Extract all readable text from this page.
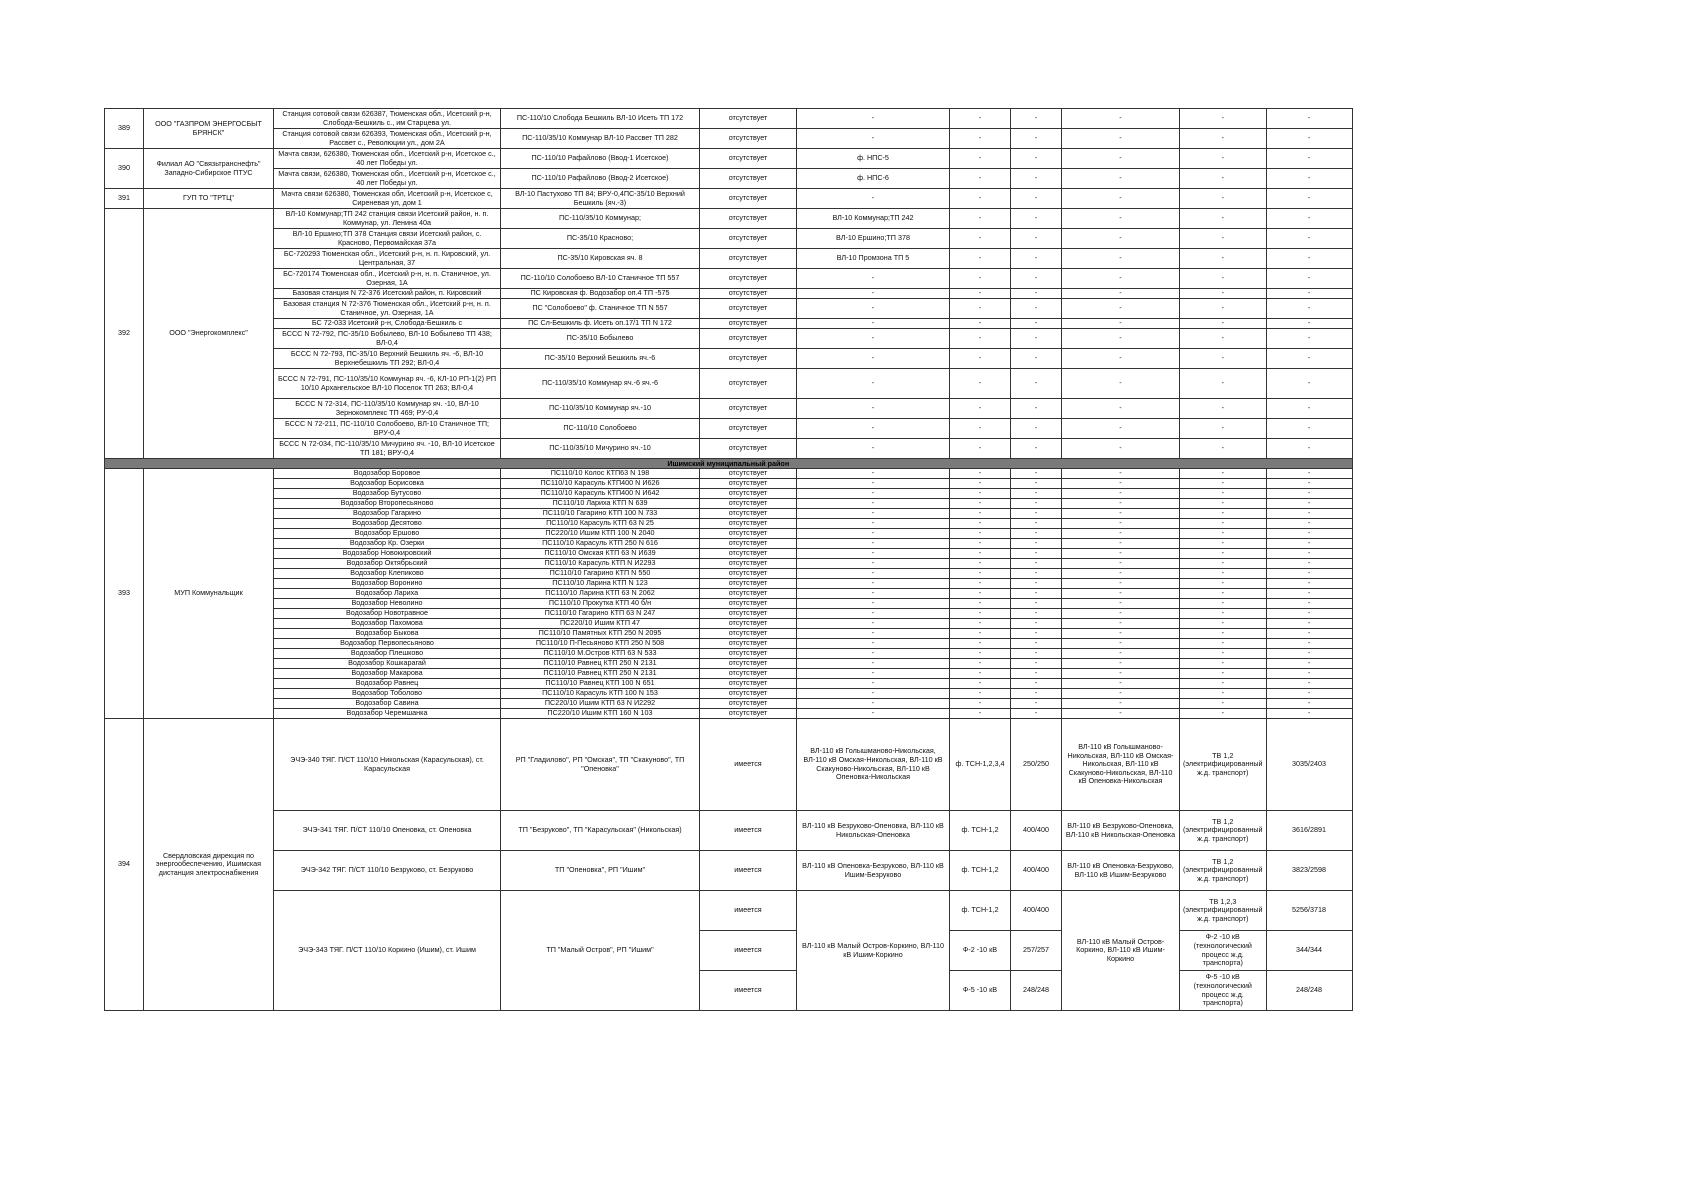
389	ООО "ГАЗПРОМ ЭНЕРГОСБЫТ БРЯНСК"	Станция сотовой связи 626387, Тюменская обл., Исетский р-н, Слобода-Бешкиль с., им Старцева ул.	ПС-110/10 Слобода Бешкиль ВЛ-10 Исеть ТП 172	отсутствует	-	-	-	-	-	-
		Станция сотовой связи 626393, Тюменская обл., Исетский р-н, Рассвет с., Революции ул., дом 2А	ПС-110/35/10 Коммунар ВЛ-10 Рассвет ТП 282	отсутствует	-	-	-	-	-	-
390	Филиал АО "Связьтранснефть" Западно-Сибирское ПТУС	Мачта связи, 626380, Тюменская обл., Исетский р-н, Исетское с., 40 лет Победы ул.	ПС-110/10 Рафайлово (Ввод-1 Исетское)	отсутствует	ф. НПС-5	-	-	-	-	-
		Мачта связи, 626380, Тюменская обл., Исетский р-н, Исетское с., 40 лет Победы ул.	ПС-110/10 Рафайлово (Ввод-2 Исетское)	отсутствует	ф. НПС-6	-	-	-	-	-
391	ГУП ТО "ТРТЦ"	Мачта связи 626380, Тюменская обл, Исетский р-н, Исетское с, Сиреневая ул, дом 1	ВЛ-10 Пастухово ТП 84; ВРУ-0,4ПС-35/10 Верхний Бешкиль (яч.-3)	отсутствует	-	-	-	-	-	-
392	ООО "Энергокомплекс"	ВЛ-10 Коммунар;ТП 242 станция связи Исетский район, н. п. Коммунар, ул. Ленина 40а	ПС-110/35/10 Коммунар;	отсутствует	ВЛ-10 Коммунар;ТП 242	-	-	-	-	-
		ВЛ-10 Ершино;ТП 378 Станция связи Исетский район, с. Красново, Первомайская 37а	ПС-35/10 Красново;	отсутствует	ВЛ-10 Ершино;ТП 378	-	-	-	-	-
		БС-720293 Тюменская обл., Исетский р-н, н. п. Кировский, ул. Центральная, 37	ПС-35/10 Кировская яч. 8	отсутствует	ВЛ-10 Промзона ТП 5	-	-	-	-	-
		БС-720174 Тюменская обл., Исетский р-н, н. п. Станичное, ул. Озерная, 1А	ПС-110/10 Солобоево ВЛ-10 Станичное ТП 557	отсутствует	-	-	-	-	-	-
		Базовая станция N 72-376 Исетский район, п. Кировский	ПС Кировская ф. Водозабор оп.4 ТП -575	отсутствует	-	-	-	-	-	-
		Базовая станция N 72-376 Тюменская обл., Исетский р-н, н. п. Станичное, ул. Озерная, 1А	ПС "Солобоево" ф. Станичное ТП N 557	отсутствует	-	-	-	-	-	-
		БС 72-033 Исетский р-н, Слобода-Бешкиль с	ПС Сл-Бешкиль ф. Исеть оп.17/1 ТП N 172	отсутствует	-	-	-	-	-	-
		БССС N 72-792, ПС-35/10 Бобылево, ВЛ-10 Бобылево ТП 438; ВЛ-0,4	ПС-35/10 Бобылево	отсутствует	-	-	-	-	-	-
		БССС N 72-793, ПС-35/10 Верхний Бешкиль яч. -6, ВЛ-10 Верхнебешкиль ТП 292; ВЛ-0,4	ПС-35/10 Верхний Бешкиль яч.-6	отсутствует	-	-	-	-	-	-
		БССС N 72-791, ПС-110/35/10 Коммунар яч. -6, КЛ-10 РП-1(2) РП 10/10 Архангельское ВЛ-10 Поселок ТП 263; ВЛ-0,4	ПС-110/35/10 Коммунар яч.-6 яч.-6	отсутствует	-	-	-	-	-	-
		БССС N 72-314, ПС-110/35/10 Коммунар яч. -10, ВЛ-10 Зернокомплекс ТП 469; РУ-0,4	ПС-110/35/10 Коммунар яч.-10	отсутствует	-	-	-	-	-	-
		БССС N 72-211, ПС-110/10 Солобоево, ВЛ-10 Станичное ТП; ВРУ-0,4	ПС-110/10 Солобоево	отсутствует	-	-	-	-	-	-
		БССС N 72-034, ПС-110/35/10 Мичурино яч. -10, ВЛ-10 Исетское ТП 181; ВРУ-0,4	ПС-110/35/10 Мичурино яч.-10	отсутствует	-	-	-	-	-	-
Ишимский муниципальный район										
393	МУП Коммунальщик	Водозабор Боровое	ПС110/10 Колос КТП63 N 198	отсутствует	-	-	-	-	-	-
		Водозабор Борисовка	ПС110/10 Карасуль КТП400 N И626	отсутствует	-	-	-	-	-	-
		Водозабор Бутусово	ПС110/10 Карасуль КТП400 N И642	отсутствует	-	-	-	-	-	-
		Водозабор Второпесьяново	ПС110/10 Лариха КТП N 639	отсутствует	-	-	-	-	-	-
		Водозабор Гагарино	ПС110/10 Гагарино КТП 100 N 733	отсутствует	-	-	-	-	-	-
		Водозабор Десятово	ПС110/10 Карасуль КТП 63 N 25	отсутствует	-	-	-	-	-	-
		Водозабор Ершово	ПС220/10 Ишим КТП 100 N 2040	отсутствует	-	-	-	-	-	-
		Водозабор Кр. Озерки	ПС110/10 Карасуль КТП 250 N 616	отсутствует	-	-	-	-	-	-
		Водозабор Новокировский	ПС110/10 Омская КТП 63 N И639	отсутствует	-	-	-	-	-	-
		Водозабор Октябрьский	ПС110/10 Карасуль КТП N И2293	отсутствует	-	-	-	-	-	-
		Водозабор Клепиково	ПС110/10 Гагарино КТП N 550	отсутствует	-	-	-	-	-	-
		Водозабор Воронино	ПС110/10 Ларина КТП N 123	отсутствует	-	-	-	-	-	-
		Водозабор Лариха	ПС110/10 Ларина КТП 63 N 2062	отсутствует	-	-	-	-	-	-
		Водозабор Неволино	ПС110/10 Прокутка КТП 40 б/н	отсутствует	-	-	-	-	-	-
		Водозабор Новотравное	ПС110/10 Гагарино КТП 63 N 247	отсутствует	-	-	-	-	-	-
		Водозабор Пахомова	ПС220/10 Ишим КТП 47	отсутствует	-	-	-	-	-	-
		Водозабор Быкова	ПС110/10 Памятных КТП 250 N 2095	отсутствует	-	-	-	-	-	-
		Водозабор Первопесьяново	ПС110/10 П-Песьяново КТП 250 N 508	отсутствует	-	-	-	-	-	-
		Водозабор Плешково	ПС110/10 М.Остров КТП 63 N 533	отсутствует	-	-	-	-	-	-
		Водозабор Кошкарагай	ПС110/10 Равнец КТП 250 N 2131	отсутствует	-	-	-	-	-	-
		Водозабор Макарова	ПС110/10 Равнец КТП 250 N 2131	отсутствует	-	-	-	-	-	-
		Водозабор Равнец	ПС110/10 Равнец КТП 100 N 651	отсутствует	-	-	-	-	-	-
		Водозабор Тоболово	ПС110/10 Карасуль КТП 100 N 153	отсутствует	-	-	-	-	-	-
		Водозабор Савина	ПС220/10 Ишим КТП 63 N И2292	отсутствует	-	-	-	-	-	-
		Водозабор Черемшанка	ПС220/10 Ишим КТП 160 N 103	отсутствует	-	-	-	-	-	-
394	Свердловская дирекция по энергообеспечению, Ишимская дистанция электроснабжения	ЭЧЭ-340 ТЯГ. П/СТ 110/10 Никольская (Карасульская), ст. Карасульская	РП "Гладилово", РП "Омская", ТП "Скакуново", ТП "Опеновка"	имеется	ВЛ-110 кВ Голышманово-Никольская, ВЛ-110 кВ Омская-Никольская, ВЛ-110 кВ Скакуново-Никольская, ВЛ-110 кВ Опеновка-Никольская	ф. ТСН-1,2,3,4	250/250	ВЛ-110 кВ Голышманово-Никольская, ВЛ-110 кВ Омская-Никольская, ВЛ-110 кВ Скакуново-Никольская, ВЛ-110 кВ Опеновка-Никольская	ТВ 1,2 (электрифицированный ж.д. транспорт)	3035/2403
		ЭЧЭ-341 ТЯГ. П/СТ 110/10 Опеновка, ст. Опеновка	ТП "Безруково", ТП "Карасульская" (Никольская)	имеется	ВЛ-110 кВ Безруково-Опеновка, ВЛ-110 кВ Никольская-Опеновка	ф. ТСН-1,2	400/400	ВЛ-110 кВ Безруково-Опеновка, ВЛ-110 кВ Никольская-Опеновка	ТВ 1,2 (электрифицированный ж.д. транспорт)	3616/2891
		ЭЧЭ-342 ТЯГ. П/СТ 110/10 Безруково, ст. Безруково	ТП "Опеновка", РП "Ишим"	имеется	ВЛ-110 кВ Опеновка-Безруково, ВЛ-110 кВ Ишим-Безруково	ф. ТСН-1,2	400/400	ВЛ-110 кВ Опеновка-Безруково, ВЛ-110 кВ Ишим-Безруково	ТВ 1,2 (электрифицированный ж.д. транспорт)	3823/2598
		ЭЧЭ-343 ТЯГ. П/СТ 110/10 Коркино (Ишим), ст. Ишим	ТП "Малый Остров", РП "Ишим"	имеется	ВЛ-110 кВ Малый Остров-Коркино, ВЛ-110 кВ Ишим-Коркино	ф. ТСН-1,2	400/400	ВЛ-110 кВ Малый Остров-Коркино, ВЛ-110 кВ Ишим-Коркино	ТВ 1,2,3 (электрифицированный ж.д. транспорт)	5256/3718
				имеется		Ф-2 -10 кВ	257/257		Ф-2 -10 кВ (технологический процесс ж.д. транспорта)	344/344
				имеется		Ф-5 -10 кВ	248/248		Ф-5 -10 кВ (технологический процесс ж.д. транспорта)	248/248
